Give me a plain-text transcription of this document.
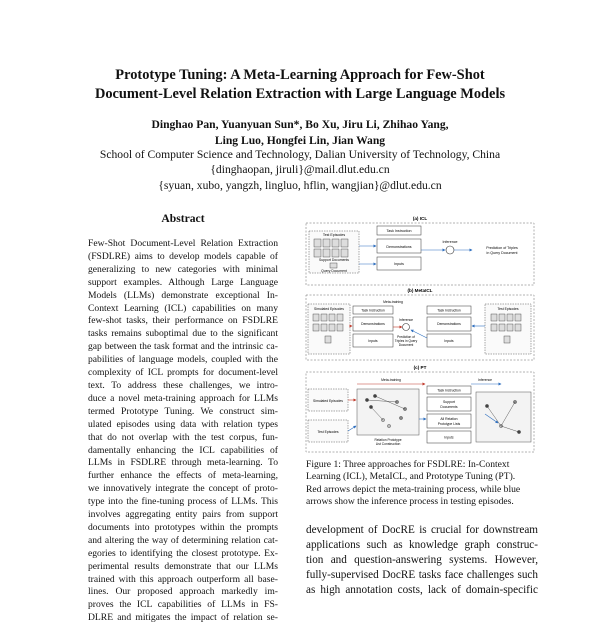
Prototype Tuning: A Meta-Learning Approach for Few-Shot
Document-Level Relation Extraction with Large Language Models
Dinghao Pan, Yuanyuan Sun*, Bo Xu, Jiru Li, Zhihao Yang,
Ling Luo, Hongfei Lin, Jian Wang
School of Computer Science and Technology, Dalian University of Technology, China
{dinghaopan, jiruli}@mail.dlut.edu.cn
{syuan, xubo, yangzh, lingluo, hflin, wangjian}@dlut.edu.cn
Abstract
Few-Shot Document-Level Relation Extraction
(FSDLRE) aims to develop models capable of
generalizing to new categories with minimal
support examples. Although Large Language
Models (LLMs) demonstrate exceptional In-
Context Learning (ICL) capabilities on many
few-shot tasks, their performance on FSDLRE
tasks remains suboptimal due to the significant
gap between the task format and the intrinsic ca-
pabilities of language models, coupled with the
complexity of ICL prompts for document-level
text. To address these challenges, we intro-
duce a novel meta-training approach for LLMs
termed Prototype Tuning. We construct sim-
ulated episodes using data with relation types
that do not overlap with the test corpus, fun-
damentally enhancing the ICL capabilities of
LLMs in FSDLRE through meta-learning. To
further enhance the effects of meta-learning,
we innovatively integrate the concept of proto-
type into the fine-tuning process of LLMs. This
involves aggregating entity pairs from support
documents into prototypes within the prompts
and altering the way of determining relation cat-
egories to identifying the closest prototype. Ex-
perimental results demonstrate that our LLMs
trained with this approach outperform all base-
lines. Our proposed approach markedly im-
proves the ICL capabilities of LLMs in FS-
DLRE and mitigates the impact of relation se-
(a) ICL
Test Episodes
Support Documents
Query Document
Task Instruction
Demonstrations
Inputs
Inference
Prediction of Triples
in Query Document
(b) MetaICL
Meta-training
Simulated Episodes	Task Instruction
Demonstrations
Inputs
Inference
Prediction of
Triples in Query
Document
Task Instruction
Demonstrations
Inputs
Test Episodes
(c) PT
Meta-training
Simulated Episodes
Test Episodes
Relation Prototype
List Construction
Task Instruction
Support
Documents
All Relation
Prototype Lists
Inputs
Inference
Figure 1: Three approaches for FSDLRE: In-Context
Learning (ICL), MetaICL, and Prototype Tuning (PT).
Red arrows depict the meta-training process, while blue
arrows show the inference process in testing episodes.
development of DocRE is crucial for downstream
applications such as knowledge graph construc-
tion and question-answering systems. However,
fully-supervised DocRE tasks face challenges such
as high annotation costs, lack of domain-specific
